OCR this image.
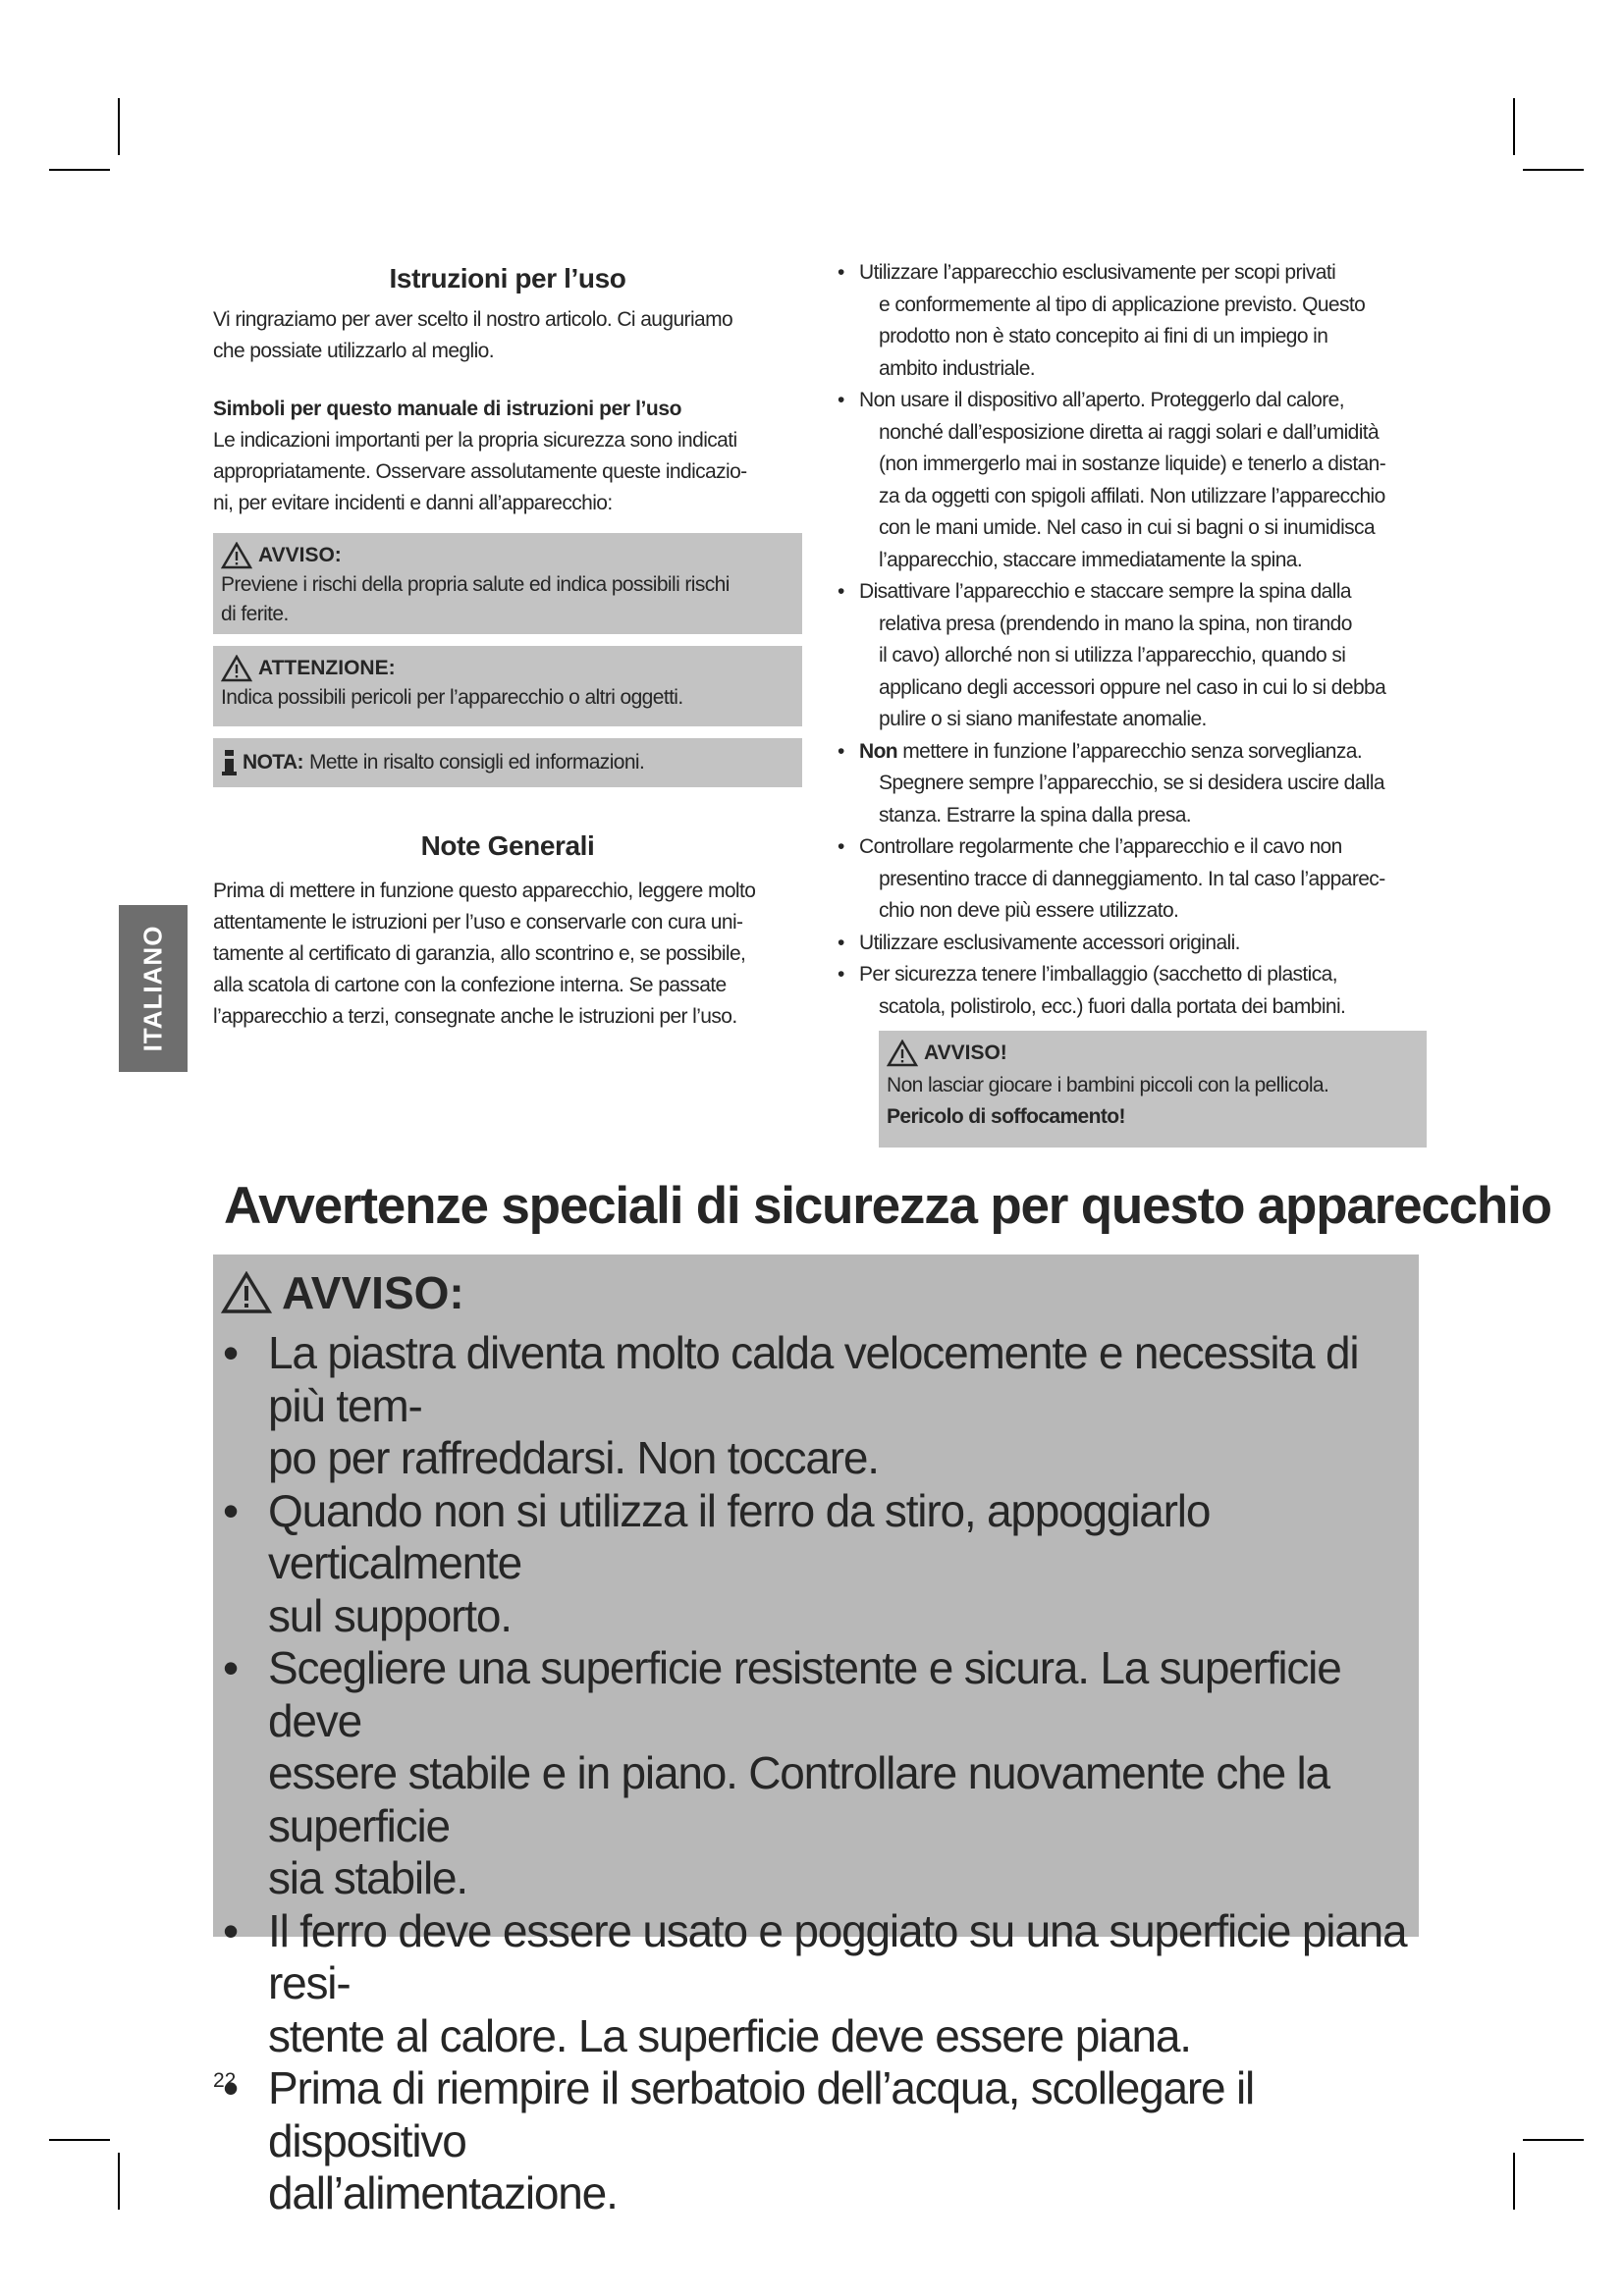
ITALIANO

Istruzioni per l’uso

Vi ringraziamo per aver scelto il nostro articolo. Ci auguriamo

che possiate utilizzarlo al meglio.

Simboli per questo manuale di istruzioni per l’uso

Le indicazioni importanti per la propria sicurezza sono indicati

appropriatamente. Osservare assolutamente queste indicazio-

ni, per evitare incidenti e danni all’apparecchio:

AVVISO:

Previene i rischi della propria salute ed indica possibili rischi

di ferite.

ATTENZIONE:

Indica possibili pericoli per l’apparecchio o altri oggetti.

NOTA: Mette in risalto consigli ed informazioni.

Note Generali

Prima di mettere in funzione questo apparecchio, leggere molto

attentamente le istruzioni per l’uso e conservarle con cura uni-

tamente al certificato di garanzia, allo scontrino e, se possibile,

alla scatola di cartone con la confezione interna. Se passate

l’apparecchio a terzi, consegnate anche le istruzioni per l’uso.

• Utilizzare l’apparecchio esclusivamente per scopi privati
e conformemente al tipo di applicazione previsto. Questo
prodotto non è stato concepito ai fini di un impiego in
ambito industriale.
• Non usare il dispositivo all’aperto. Proteggerlo dal calore,
nonché dall’esposizione diretta ai raggi solari e dall’umidità
(non immergerlo mai in sostanze liquide) e tenerlo a distan-
za da oggetti con spigoli affilati. Non utilizzare l’apparecchio
con le mani umide. Nel caso in cui si bagni o si inumidisca
l’apparecchio, staccare immediatamente la spina.
• Disattivare l’apparecchio e staccare sempre la spina dalla
relativa presa (prendendo in mano la spina, non tirando
il cavo) allorché non si utilizza l’apparecchio, quando si
applicano degli accessori oppure nel caso in cui lo si debba
pulire o si siano manifestate anomalie.
• Non mettere in funzione l’apparecchio senza sorveglianza.
Spegnere sempre l’apparecchio, se si desidera uscire dalla
stanza. Estrarre la spina dalla presa.
• Controllare regolarmente che l’apparecchio e il cavo non
presentino tracce di danneggiamento. In tal caso l’apparec-
chio non deve più essere utilizzato.
• Utilizzare esclusivamente accessori originali.
• Per sicurezza tenere l’imballaggio (sacchetto di plastica,
scatola, polistirolo, ecc.) fuori dalla portata dei bambini.
AVVISO!

Non lasciar giocare i bambini piccoli con la pellicola.

Pericolo di soffocamento!

Avvertenze speciali di sicurezza per questo apparecchio
AVVISO:
• La piastra diventa molto calda velocemente e necessita di più tem-
po per raffreddarsi. Non toccare.
• Quando non si utilizza il ferro da stiro, appoggiarlo verticalmente
sul supporto.
• Scegliere una superficie resistente e sicura. La superficie deve
essere stabile e in piano. Controllare nuovamente che la superficie
sia stabile.
• Il ferro deve essere usato e poggiato su una superficie piana resi-
stente al calore. La superficie deve essere piana.
• Prima di riempire il serbatoio dell’acqua, scollegare il dispositivo
dall’alimentazione.
22
